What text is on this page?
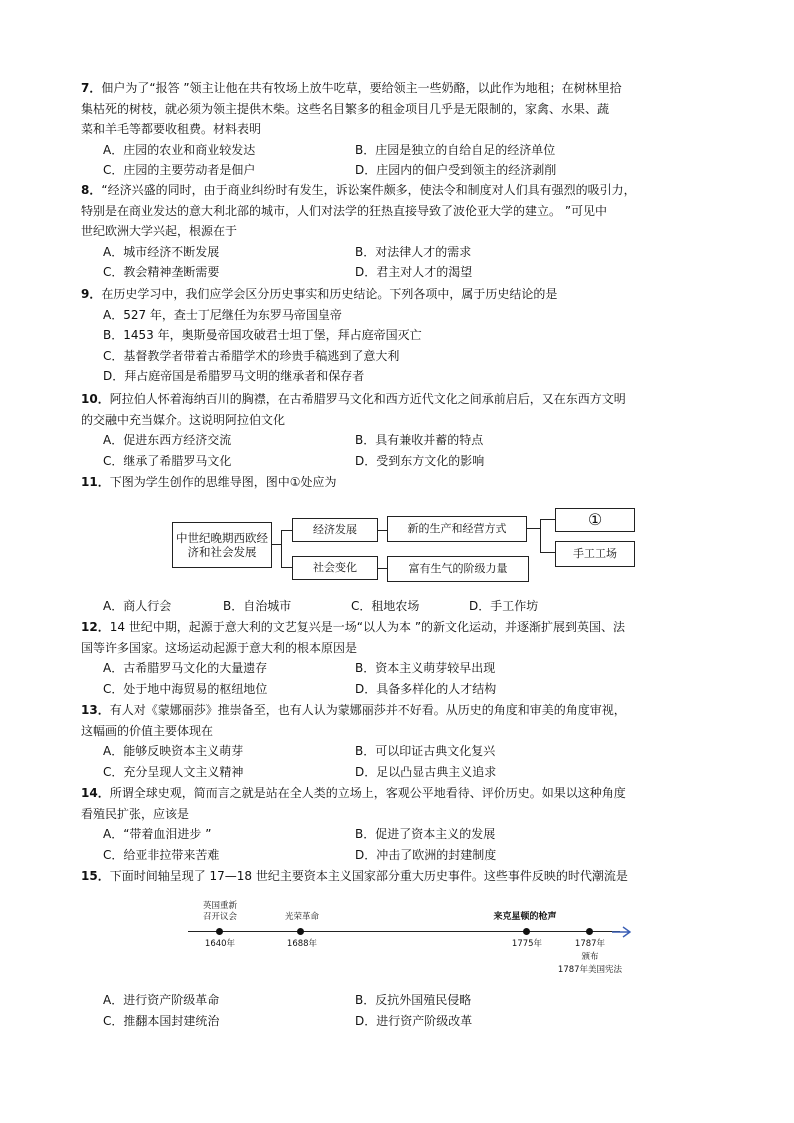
7．佃户为了“报答 ”领主让他在共有牧场上放牛吃草，要给领主一些奶酪，以此作为地租；在树林里拾

集枯死的树枝，就必须为领主提供木柴。这些名目繁多的租金项目几乎是无限制的，家禽、水果、蔬

菜和羊毛等都要收租费。材料表明

A．庄园的农业和商业较发达	B．庄园是独立的自给自足的经济单位
C．庄园的主要劳动者是佃户	D．庄园内的佃户受到领主的经济剥削

8．“经济兴盛的同时，由于商业纠纷时有发生，诉讼案件颇多，使法令和制度对人们具有强烈的吸引力，

特别是在商业发达的意大利北部的城市，人们对法学的狂热直接导致了波伦亚大学的建立。 ”可见中

世纪欧洲大学兴起，根源在于

A．城市经济不断发展	B．对法律人才的需求
C．教会精神垄断需要	D．君主对人才的渴望

9．在历史学习中，我们应学会区分历史事实和历史结论。下列各项中，属于历史结论的是

A．527 年，查士丁尼继任为东罗马帝国皇帝

B．1453 年，奥斯曼帝国攻破君士坦丁堡，拜占庭帝国灭亡

C．基督教学者带着古希腊学术的珍贵手稿逃到了意大利

D．拜占庭帝国是希腊罗马文明的继承者和保存者

10．阿拉伯人怀着海纳百川的胸襟，在古希腊罗马文化和西方近代文化之间承前启后，又在东西方文明

的交融中充当媒介。这说明阿拉伯文化

A．促进东西方经济交流	B．具有兼收并蓄的特点
C．继承了希腊罗马文化	D．受到东方文化的影响

11．下图为学生创作的思维导图，图中①处应为

中世纪晚期西欧经济和社会发展
经济发展
社会变化
新的生产和经营方式
富有生气的阶级力量
①
手工工场
A．商人行会	B．自治城市	C．租地农场	D．手工作坊

12．14 世纪中期，起源于意大利的文艺复兴是一场“以人为本 ”的新文化运动，并逐渐扩展到英国、法

国等许多国家。这场运动起源于意大利的根本原因是

A．古希腊罗马文化的大量遗存	B．资本主义萌芽较早出现
C．处于地中海贸易的枢纽地位	D．具备多样化的人才结构

13．有人对《蒙娜丽莎》推崇备至，也有人认为蒙娜丽莎并不好看。从历史的角度和审美的角度审视，

这幅画的价值主要体现在

A．能够反映资本主义萌芽	B．可以印证古典文化复兴
C．充分呈现人文主义精神	D．足以凸显古典主义追求

14．所谓全球史观，简而言之就是站在全人类的立场上，客观公平地看待、评价历史。如果以这种角度

看殖民扩张，应该是

A．“带着血泪进步 ”	B．促进了资本主义的发展
C．给亚非拉带来苦难	D．冲击了欧洲的封建制度

15．下面时间轴呈现了 17—18 世纪主要资本主义国家部分重大历史事件。这些事件反映的时代潮流是

英国重新
召开议会
1640年
光荣革命
1688年
来克星顿的枪声
1775年	1787年
颁布
1787年美国宪法
A．进行资产阶级革命	B．反抗外国殖民侵略
C．推翻本国封建统治	D．进行资产阶级改革
